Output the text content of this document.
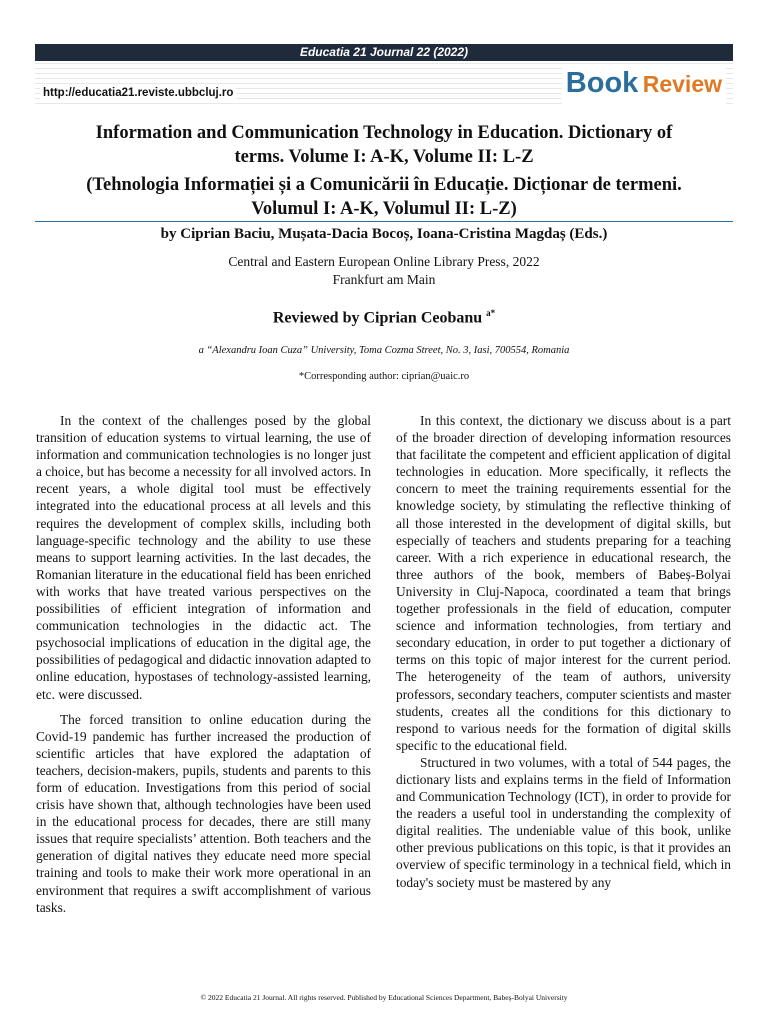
Educatia 21 Journal 22 (2022)
http://educatia21.reviste.ubbcluj.ro	Book Review
Information and Communication Technology in Education. Dictionary of
terms. Volume I: A-K, Volume II: L-Z
(Tehnologia Informației și a Comunicării în Educație. Dicționar de termeni.
Volumul I: A-K, Volumul II: L-Z)
by Ciprian Baciu, Mușata-Dacia Bocoș, Ioana-Cristina Magdaș (Eds.)
Central and Eastern European Online Library Press, 2022
Frankfurt am Main
Reviewed by Ciprian Ceobanu $^{a*}$
a “Alexandru Ioan Cuza” University, Toma Cozma Street, No. 3, Iasi, 700554, Romania
*Corresponding author: ciprian@uaic.ro

In the context of the challenges posed by the global transition of education systems to virtual learning, the use of information and communication technologies is no longer just a choice, but has become a necessity for all involved actors. In recent years, a whole digital tool must be effectively integrated into the educational process at all levels and this requires the development of complex skills, including both language-specific technology and the ability to use these means to support learning activities. In the last decades, the Romanian literature in the educational field has been enriched with works that have treated various perspectives on the possibilities of efficient integration of information and communication technologies in the didactic act. The psychosocial implications of education in the digital age, the possibilities of pedagogical and didactic innovation adapted to online education, hypostases of technology-assisted learning, etc. were discussed.

The forced transition to online education during the Covid-19 pandemic has further increased the production of scientific articles that have explored the adaptation of teachers, decision-makers, pupils, students and parents to this form of education. Investigations from this period of social crisis have shown that, although technologies have been used in the educational process for decades, there are still many issues that require specialists’ attention. Both teachers and the generation of digital natives they educate need more special training and tools to make their work more operational in an environment that requires a swift accomplishment of various tasks.

In this context, the dictionary we discuss about is a part of the broader direction of developing information resources that facilitate the competent and efficient application of digital technologies in education. More specifically, it reflects the concern to meet the training requirements essential for the knowledge society, by stimulating the reflective thinking of all those interested in the development of digital skills, but especially of teachers and students preparing for a teaching career. With a rich experience in educational research, the three authors of the book, members of Babeș-Bolyai University in Cluj-Napoca, coordinated a team that brings together professionals in the field of education, computer science and information technologies, from tertiary and secondary education, in order to put together a dictionary of terms on this topic of major interest for the current period. The heterogeneity of the team of authors, university professors, secondary teachers, computer scientists and master students, creates all the conditions for this dictionary to respond to various needs for the formation of digital skills specific to the educational field.

Structured in two volumes, with a total of 544 pages, the dictionary lists and explains terms in the field of Information and Communication Technology (ICT), in order to provide for the readers a useful tool in understanding the complexity of digital realities. The undeniable value of this book, unlike other previous publications on this topic, is that it provides an overview of specific terminology in a technical field, which in today's society must be mastered by any

© 2022 Educatia 21 Journal. All rights reserved. Published by Educational Sciences Department, Babeș-Bolyai University
